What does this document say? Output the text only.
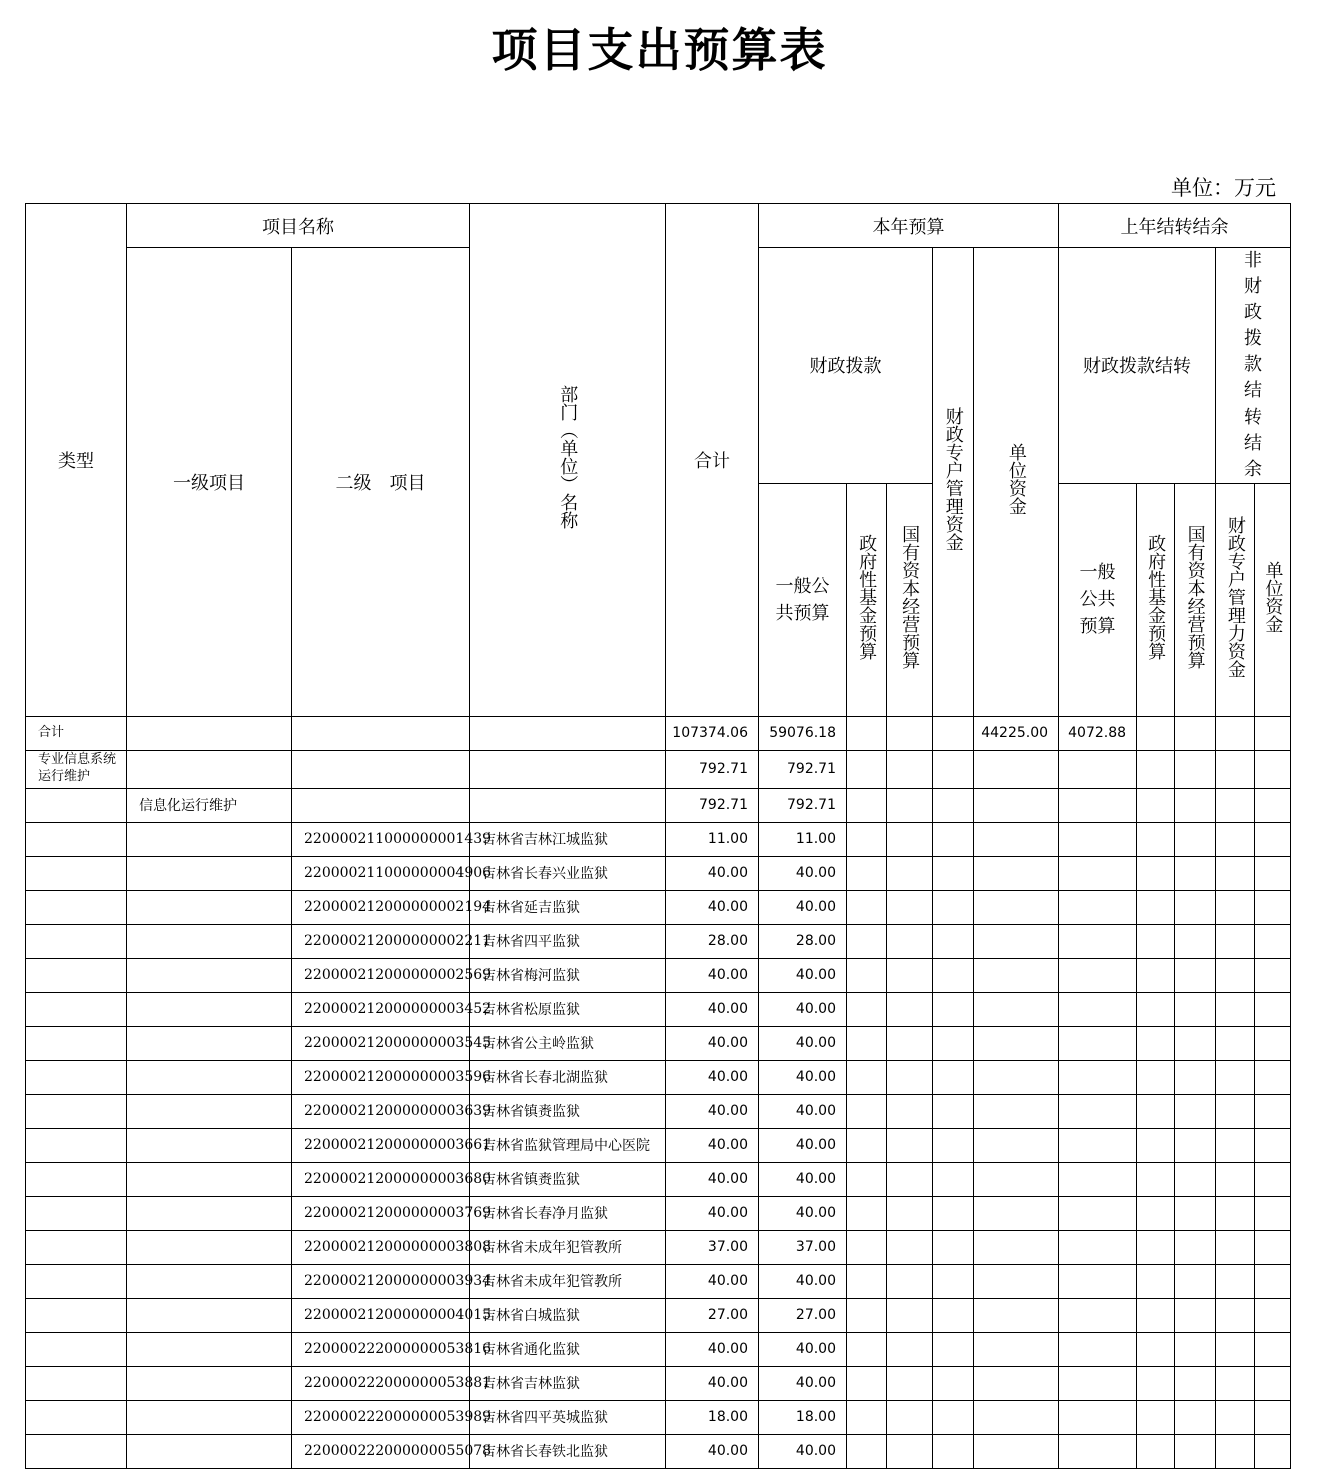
项目支出预算表
单位：万元
类型	项目名称		部门（单位）名称	合计	本年预算					上年结转结余				
	一级项目	二级　项目			财政拨款			财政专户管理资金	单位资金	财政拨款结转			非财政拨款结转结余	
					一般公共预算	政府性基金预算	国有资本经营预算			一般公共预算	政府性基金预算	国有资本经营预算	财政专户管理力资金	单位资金
合计				107374.06	59076.18				44225.00	4072.88				
专业信息系统运行维护				792.71	792.71									
	信息化运行维护			792.71	792.71									
		220000211000000001439	吉林省吉林江城监狱	11.00	11.00									
		220000211000000004906	吉林省长春兴业监狱	40.00	40.00									
		220000212000000002194	吉林省延吉监狱	40.00	40.00									
		220000212000000002211	吉林省四平监狱	28.00	28.00									
		220000212000000002569	吉林省梅河监狱	40.00	40.00									
		220000212000000003452	吉林省松原监狱	40.00	40.00									
		220000212000000003545	吉林省公主岭监狱	40.00	40.00									
		220000212000000003596	吉林省长春北湖监狱	40.00	40.00									
		220000212000000003639	吉林省镇赉监狱	40.00	40.00									
		220000212000000003661	吉林省监狱管理局中心医院	40.00	40.00									
		220000212000000003680	吉林省镇赉监狱	40.00	40.00									
		220000212000000003769	吉林省长春净月监狱	40.00	40.00									
		220000212000000003808	吉林省未成年犯管教所	37.00	37.00									
		220000212000000003934	吉林省未成年犯管教所	40.00	40.00									
		220000212000000004015	吉林省白城监狱	27.00	27.00									
		220000222000000053816	吉林省通化监狱	40.00	40.00									
		220000222000000053881	吉林省吉林监狱	40.00	40.00									
		220000222000000053989	吉林省四平英城监狱	18.00	18.00									
		220000222000000055078	吉林省长春铁北监狱	40.00	40.00									
